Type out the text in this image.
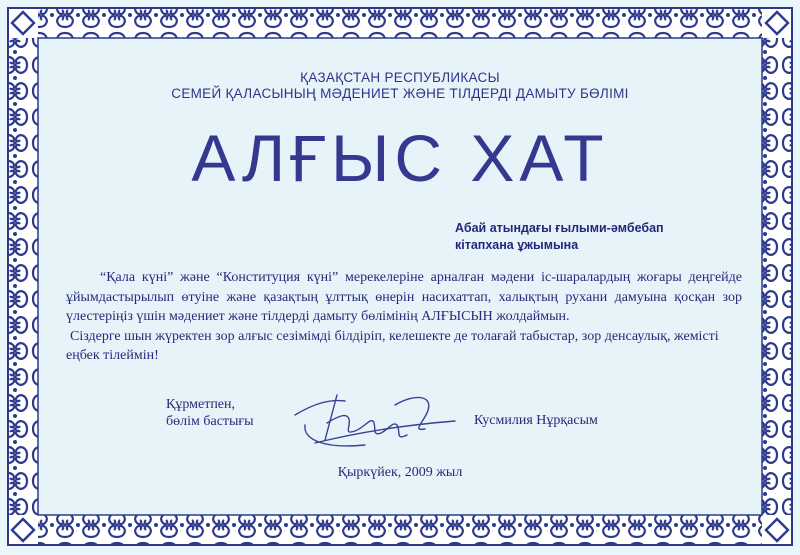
ҚАЗАҚСТАН РЕСПУБЛИКАСЫ
СЕМЕЙ ҚАЛАСЫНЫҢ МӘДЕНИЕТ ЖӘНЕ ТІЛДЕРДІ ДАМЫТУ БӨЛІМІ
АЛҒЫС ХАТ
Абай атындағы ғылыми-әмбебап
кітапхана ұжымына

“Қала күні” және “Конституция күні” мерекелеріне арналған мәдени іс-шаралардың жоғары деңгейде ұйымдастырылып өтуіне және қазақтың ұлттық өнерін насихаттап, халықтың рухани дамуына қосқан зор үлестеріңіз үшін мәдениет және тілдерді дамыту бөлімінің АЛҒЫСЫН жолдаймын.

Сіздерге шын жүректен зор алғыс сезімімді білдіріп, келешекте де толағай табыстар, зор денсаулық, жемісті еңбек тілеймін!

Құрметпен,
бөлім бастығы	Кусмилия Нұрқасым
Қыркүйек, 2009 жыл
